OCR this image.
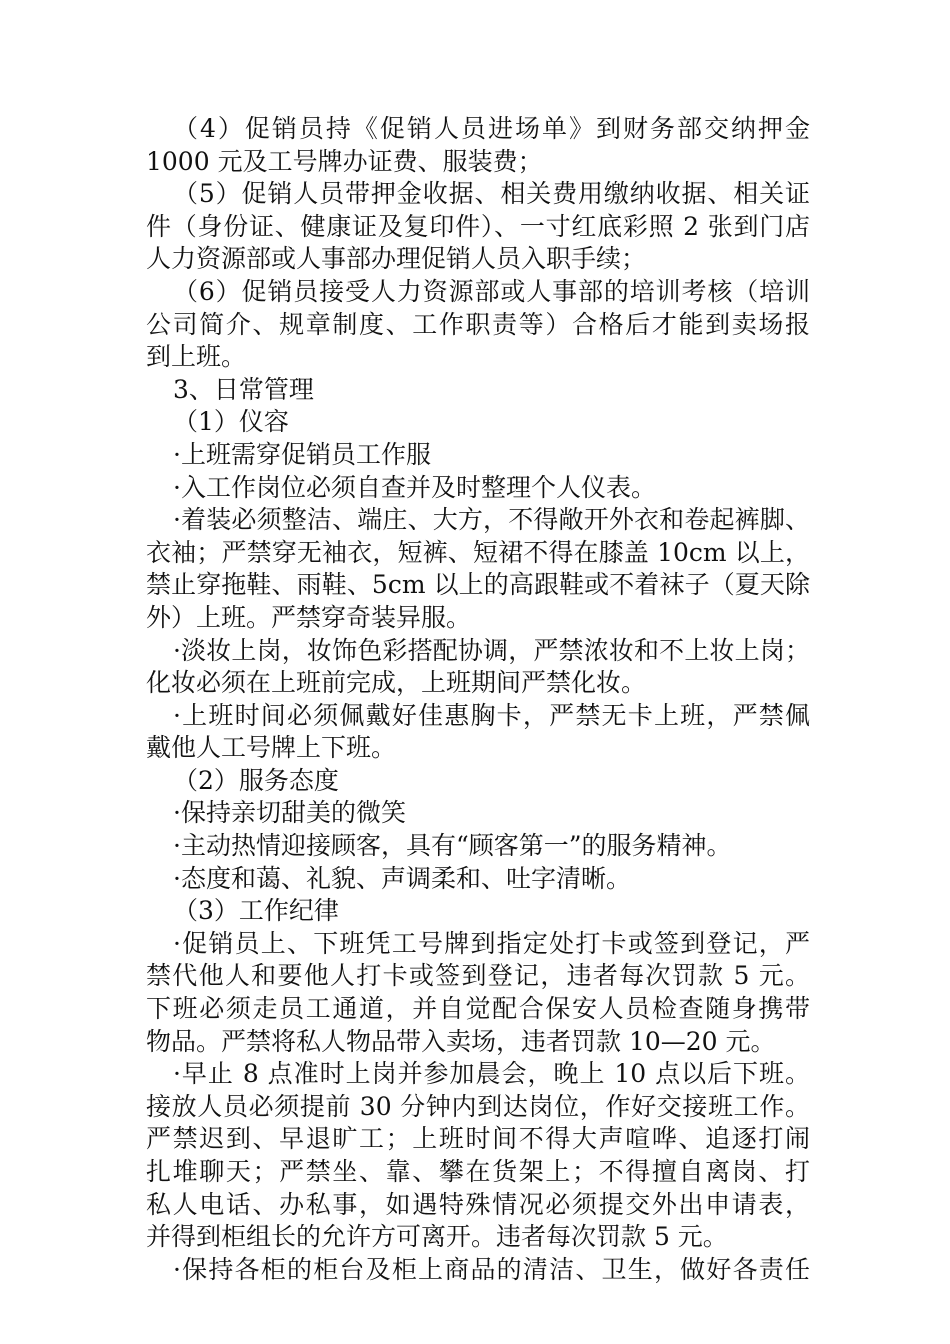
（4）促销员持《促销人员进场单》到财务部交纳押金
1000 元及工号牌办证费、服装费；
（5）促销人员带押金收据、相关费用缴纳收据、相关证
件（身份证、健康证及复印件）、一寸红底彩照 2 张到门店
人力资源部或人事部办理促销人员入职手续；
（6）促销员接受人力资源部或人事部的培训考核（培训
公司简介、规章制度、工作职责等）合格后才能到卖场报
到上班。
3、日常管理
（1）仪容
·上班需穿促销员工作服
·入工作岗位必须自查并及时整理个人仪表。
·着装必须整洁、端庄、大方，不得敞开外衣和卷起裤脚、
衣袖；严禁穿无袖衣，短裤、短裙不得在膝盖 10cm 以上，
禁止穿拖鞋、雨鞋、5cm 以上的高跟鞋或不着袜子（夏天除
外）上班。严禁穿奇装异服。
·淡妆上岗，妆饰色彩搭配协调，严禁浓妆和不上妆上岗；
化妆必须在上班前完成，上班期间严禁化妆。
·上班时间必须佩戴好佳惠胸卡，严禁无卡上班，严禁佩
戴他人工号牌上下班。
（2）服务态度
·保持亲切甜美的微笑
·主动热情迎接顾客，具有“顾客第一”的服务精神。
·态度和蔼、礼貌、声调柔和、吐字清晰。
（3）工作纪律
·促销员上、下班凭工号牌到指定处打卡或签到登记，严
禁代他人和要他人打卡或签到登记，违者每次罚款 5 元。
下班必须走员工通道，并自觉配合保安人员检查随身携带
物品。严禁将私人物品带入卖场，违者罚款 10—20 元。
·早止 8 点准时上岗并参加晨会，晚上 10 点以后下班。
接放人员必须提前 30 分钟内到达岗位，作好交接班工作。
严禁迟到、早退旷工；上班时间不得大声喧哗、追逐打闹
扎堆聊天；严禁坐、靠、攀在货架上；不得擅自离岗、打
私人电话、办私事，如遇特殊情况必须提交外出申请表，
并得到柜组长的允许方可离开。违者每次罚款 5 元。
·保持各柜的柜台及柜上商品的清洁、卫生，做好各责任
